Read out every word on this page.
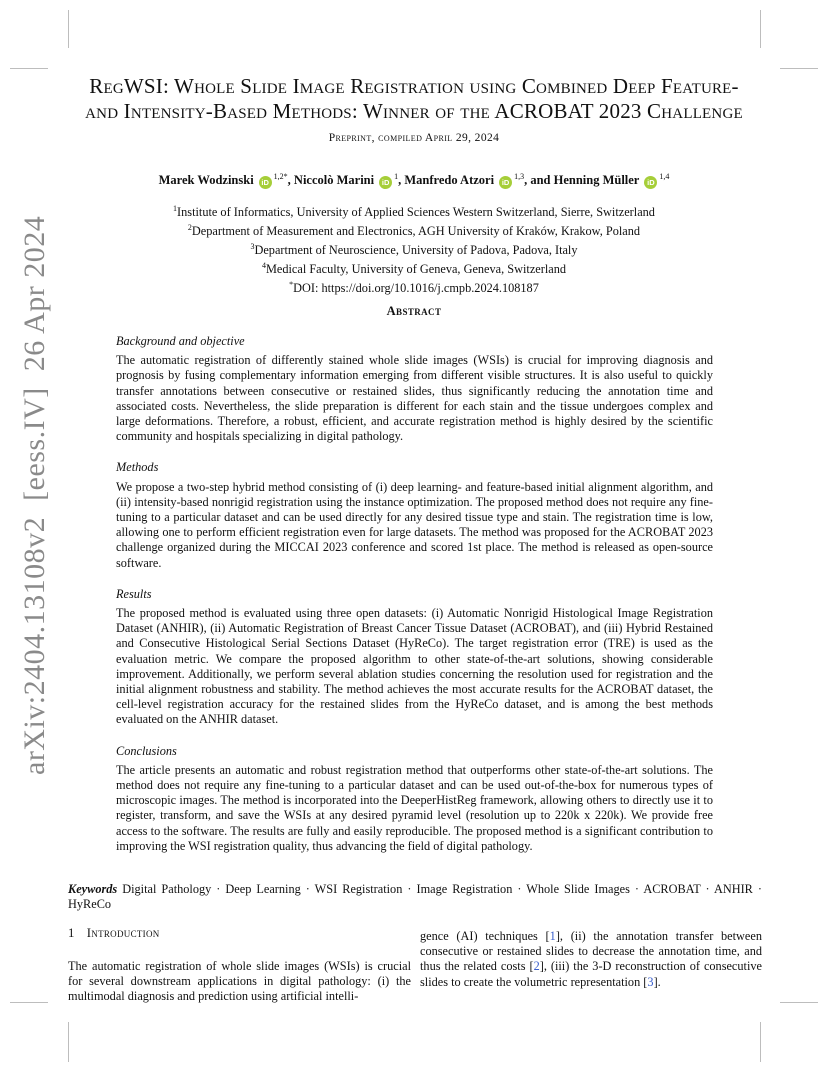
arXiv:2404.13108v2  [eess.IV]  26 Apr 2024
RegWSI: Whole Slide Image Registration using Combined Deep Feature-
and Intensity-Based Methods: Winner of the ACROBAT 2023 Challenge
Preprint, compiled April 29, 2024
Marek Wodzinski $iD^{1,2*}$, Niccolò Marini $iD^1$, Manfredo Atzori iD$^{1,3}$, and Henning Müller iD$^{1,4}$
$^1$Institute of Informatics, University of Applied Sciences Western Switzerland, Sierre, Switzerland
$^2$Department of Measurement and Electronics, AGH University of Kraków, Krakow, Poland
$^3$Department of Neuroscience, University of Padova, Padova, Italy
$^4$Medical Faculty, University of Geneva, Geneva, Switzerland
*DOI: https://doi.org/10.1016/j.cmpb.2024.108187
Abstract
Background and objective
The automatic registration of differently stained whole slide images (WSIs) is crucial for improving diagnosis and prognosis by fusing complementary information emerging from different visible structures. It is also useful to quickly transfer annotations between consecutive or restained slides, thus significantly reducing the annotation time and associated costs. Nevertheless, the slide preparation is different for each stain and the tissue undergoes complex and large deformations. Therefore, a robust, efficient, and accurate registration method is highly desired by the scientific community and hospitals specializing in digital pathology.
Methods
We propose a two-step hybrid method consisting of (i) deep learning- and feature-based initial alignment algorithm, and (ii) intensity-based nonrigid registration using the instance optimization. The proposed method does not require any fine-tuning to a particular dataset and can be used directly for any desired tissue type and stain. The registration time is low, allowing one to perform efficient registration even for large datasets. The method was proposed for the ACROBAT 2023 challenge organized during the MICCAI 2023 conference and scored 1st place. The method is released as open-source software.
Results
The proposed method is evaluated using three open datasets: (i) Automatic Nonrigid Histological Image Registration Dataset (ANHIR), (ii) Automatic Registration of Breast Cancer Tissue Dataset (ACROBAT), and (iii) Hybrid Restained and Consecutive Histological Serial Sections Dataset (HyReCo). The target registration error (TRE) is used as the evaluation metric. We compare the proposed algorithm to other state-of-the-art solutions, showing considerable improvement. Additionally, we perform several ablation studies concerning the resolution used for registration and the initial alignment robustness and stability. The method achieves the most accurate results for the ACROBAT dataset, the cell-level registration accuracy for the restained slides from the HyReCo dataset, and is among the best methods evaluated on the ANHIR dataset.
Conclusions
The article presents an automatic and robust registration method that outperforms other state-of-the-art solutions. The method does not require any fine-tuning to a particular dataset and can be used out-of-the-box for numerous types of microscopic images. The method is incorporated into the DeeperHistReg framework, allowing others to directly use it to register, transform, and save the WSIs at any desired pyramid level (resolution up to 220k x 220k). We provide free access to the software. The results are fully and easily reproducible. The proposed method is a significant contribution to improving the WSI registration quality, thus advancing the field of digital pathology.
Keywords Digital Pathology · Deep Learning · WSI Registration · Image Registration · Whole Slide Images · ACROBAT · ANHIR · HyReCo
1 Introduction
The automatic registration of whole slide images (WSIs) is crucial for several downstream applications in digital pathology: (i) the multimodal diagnosis and prediction using artificial intelli-
gence (AI) techniques [1], (ii) the annotation transfer between consecutive or restained slides to decrease the annotation time, and thus the related costs [2], (iii) the 3-D reconstruction of consecutive slides to create the volumetric representation [3].
